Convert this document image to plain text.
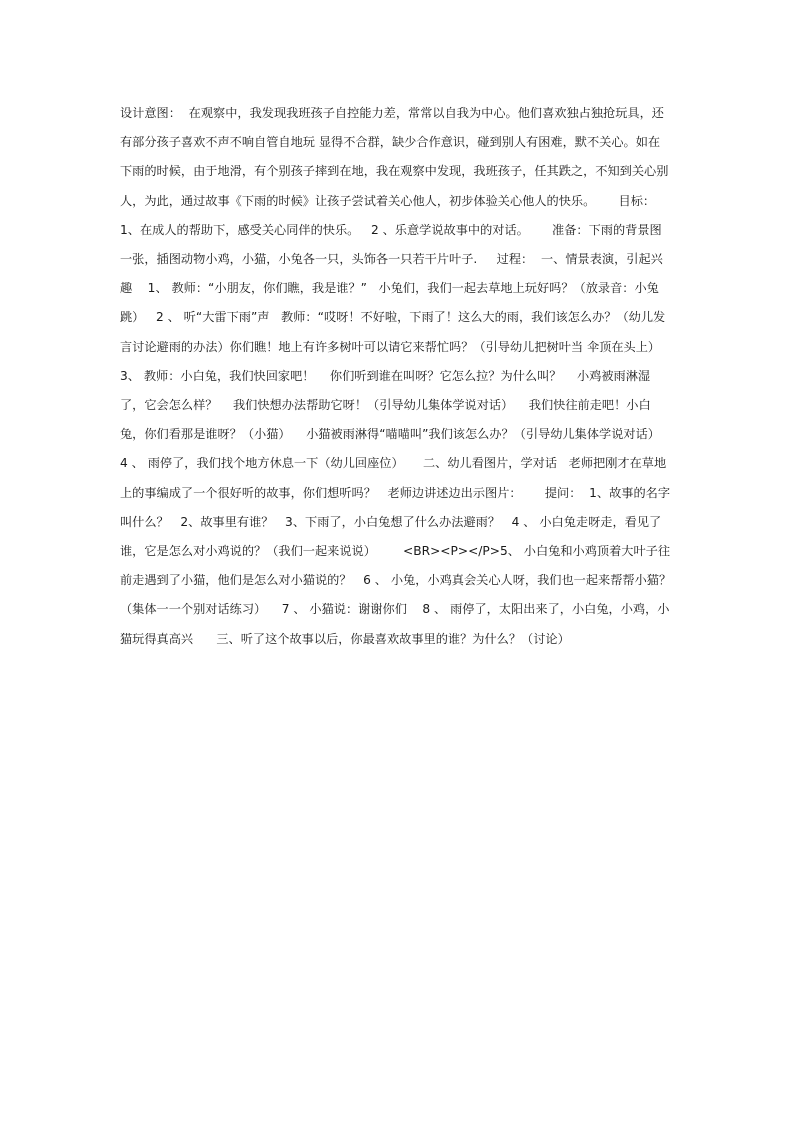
设计意图：  在观察中，我发现我班孩子自控能力差，常常以自我为中心。他们喜欢独占独抢玩具，还有部分孩子喜欢不声不响自管自地玩 显得不合群，缺少合作意识，碰到别人有困难，默不关心。如在下雨的时候，由于地滑，有个别孩子摔到在地，我在观察中发现，我班孩子，任其跌之，不知到关心别人，为此，通过故事《下雨的时候》让孩子尝试着关心他人，初步体验关心他人的快乐。      目标：  1、在成人的帮助下，感受关心同伴的快乐。   2 、乐意学说故事中的对话。      准备：下雨的背景图一张，插图动物小鸡，小猫，小兔各一只，头饰各一只若干片叶子.     过程：  一、情景表演，引起兴趣    1、 教师：“小朋友，你们瞧，我是谁？”   小兔们，我们一起去草地上玩好吗？（放录音：小兔跳）   2 、 听“大雷下雨”声   教师：“哎呀！不好啦，下雨了！这么大的雨，我们该怎么办？（幼儿发言讨论避雨的办法）你们瞧！地上有许多树叶可以请它来帮忙吗？（引导幼儿把树叶当 伞顶在头上）    3、 教师：小白兔，我们快回家吧！    你们听到谁在叫呀？它怎么拉？为什么叫？    小鸡被雨淋湿了，它会怎么样？    我们快想办法帮助它呀！（引导幼儿集体学说对话）    我们快往前走吧！小白兔，你们看那是谁呀？（小猫）    小猫被雨淋得“喵喵叫”我们该怎么办？（引导幼儿集体学说对话）     4 、 雨停了，我们找个地方休息一下（幼儿回座位）     二、幼儿看图片，学对话   老师把刚才在草地上的事编成了一个很好听的故事，你们想听吗？   老师边讲述边出示图片：      提问：  1、故事的名字叫什么？   2、故事里有谁？   3、下雨了，小白兔想了什么办法避雨？   4 、 小白兔走呀走，看见了谁，它是怎么对小鸡说的？（我们一起来说说）       <BR><P></P>5、 小白兔和小鸡顶着大叶子往前走遇到了小猫，他们是怎么对小猫说的？   6 、 小兔，小鸡真会关心人呀，我们也一起来帮帮小猫？（集体一一个别对话练习）    7 、 小猫说：谢谢你们    8 、 雨停了，太阳出来了，小白兔，小鸡，小猫玩得真高兴      三、听了这个故事以后，你最喜欢故事里的谁？为什么？（讨论）
